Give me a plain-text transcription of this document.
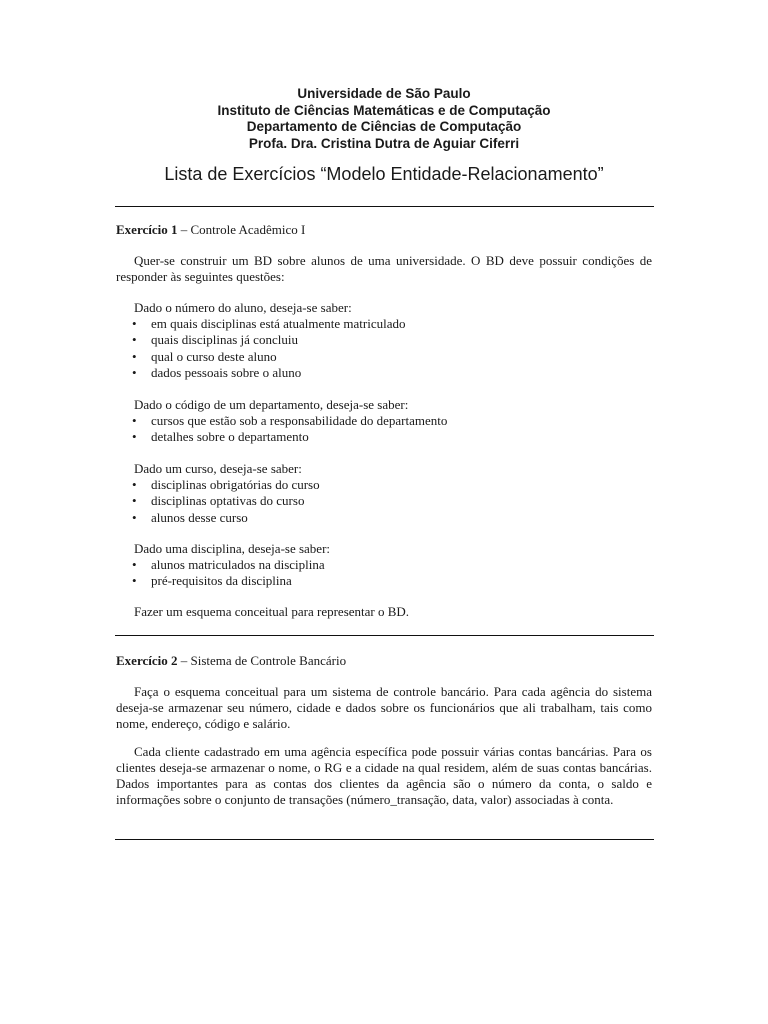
Universidade de São Paulo
Instituto de Ciências Matemáticas e de Computação
Departamento de Ciências de Computação
Profa. Dra. Cristina Dutra de Aguiar Ciferri
Lista de Exercícios “Modelo Entidade-Relacionamento”
Exercício 1 – Controle Acadêmico I
Quer-se construir um BD sobre alunos de uma universidade. O BD deve possuir condições de responder às seguintes questões:
Dado o número do aluno, deseja-se saber:
• em quais disciplinas está atualmente matriculado
• quais disciplinas já concluiu
• qual o curso deste aluno
• dados pessoais sobre o aluno
Dado o código de um departamento, deseja-se saber:
• cursos que estão sob a responsabilidade do departamento
• detalhes sobre o departamento
Dado um curso, deseja-se saber:
• disciplinas obrigatórias do curso
• disciplinas optativas do curso
• alunos desse curso
Dado uma disciplina, deseja-se saber:
• alunos matriculados na disciplina
• pré-requisitos da disciplina
Fazer um esquema conceitual para representar o BD.
Exercício 2 – Sistema de Controle Bancário
Faça o esquema conceitual para um sistema de controle bancário. Para cada agência do sistema deseja-se armazenar seu número, cidade e dados sobre os funcionários que ali trabalham, tais como nome, endereço, código e salário.
Cada cliente cadastrado em uma agência específica pode possuir várias contas bancárias. Para os clientes deseja-se armazenar o nome, o RG e a cidade na qual residem, além de suas contas bancárias. Dados importantes para as contas dos clientes da agência são o número da conta, o saldo e informações sobre o conjunto de transações (número_transação, data, valor) associadas à conta.
